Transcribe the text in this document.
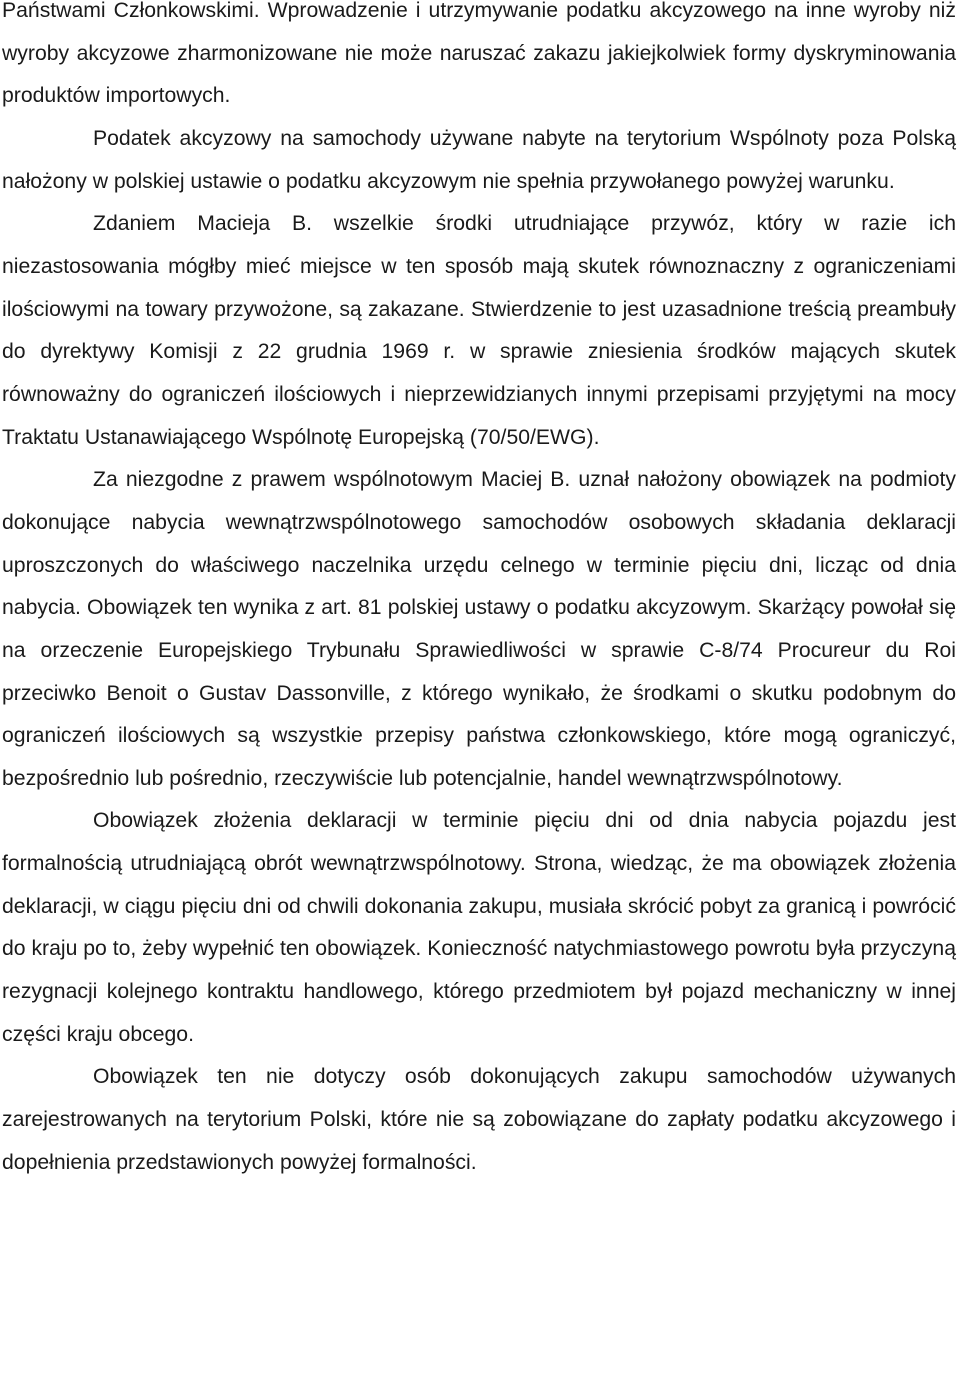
Państwami Członkowskimi. Wprowadzenie i utrzymywanie podatku akcyzowego na inne wyroby niż wyroby akcyzowe zharmonizowane nie może naruszać zakazu jakiejkolwiek formy dyskryminowania produktów importowych.

Podatek akcyzowy na samochody używane nabyte na terytorium Wspólnoty poza Polską nałożony w polskiej ustawie o podatku akcyzowym nie spełnia przywołanego powyżej warunku.

Zdaniem Macieja B. wszelkie środki utrudniające przywóz, który w razie ich niezastosowania mógłby mieć miejsce w ten sposób mają skutek równoznaczny z ograniczeniami ilościowymi na towary przywożone, są zakazane. Stwierdzenie to jest uzasadnione treścią preambuły do dyrektywy Komisji z 22 grudnia 1969 r. w sprawie zniesienia środków mających skutek równoważny do ograniczeń ilościowych i nieprzewidzianych innymi przepisami przyjętymi na mocy Traktatu Ustanawiającego Wspólnotę Europejską (70/50/EWG).

Za niezgodne z prawem wspólnotowym Maciej B. uznał nałożony obowiązek na podmioty dokonujące nabycia wewnątrzwspólnotowego samochodów osobowych składania deklaracji uproszczonych do właściwego naczelnika urzędu celnego w terminie pięciu dni, licząc od dnia nabycia. Obowiązek ten wynika z art. 81 polskiej ustawy o podatku akcyzowym. Skarżący powołał się na orzeczenie Europejskiego Trybunału Sprawiedliwości w sprawie C-8/74 Procureur du Roi przeciwko Benoit o Gustav Dassonville, z którego wynikało, że środkami o skutku podobnym do ograniczeń ilościowych są wszystkie przepisy państwa członkowskiego, które mogą ograniczyć, bezpośrednio lub pośrednio, rzeczywiście lub potencjalnie, handel wewnątrzwspólnotowy.

Obowiązek złożenia deklaracji w terminie pięciu dni od dnia nabycia pojazdu jest formalnością utrudniającą obrót wewnątrzwspólnotowy. Strona, wiedząc, że ma obowiązek złożenia deklaracji, w ciągu pięciu dni od chwili dokonania zakupu, musiała skrócić pobyt za granicą i powrócić do kraju po to, żeby wypełnić ten obowiązek. Konieczność natychmiastowego powrotu była przyczyną rezygnacji kolejnego kontraktu handlowego, którego przedmiotem był pojazd mechaniczny w innej części kraju obcego.

Obowiązek ten nie dotyczy osób dokonujących zakupu samochodów używanych zarejestrowanych na terytorium Polski, które nie są zobowiązane do zapłaty podatku akcyzowego i dopełnienia przedstawionych powyżej formalności.
